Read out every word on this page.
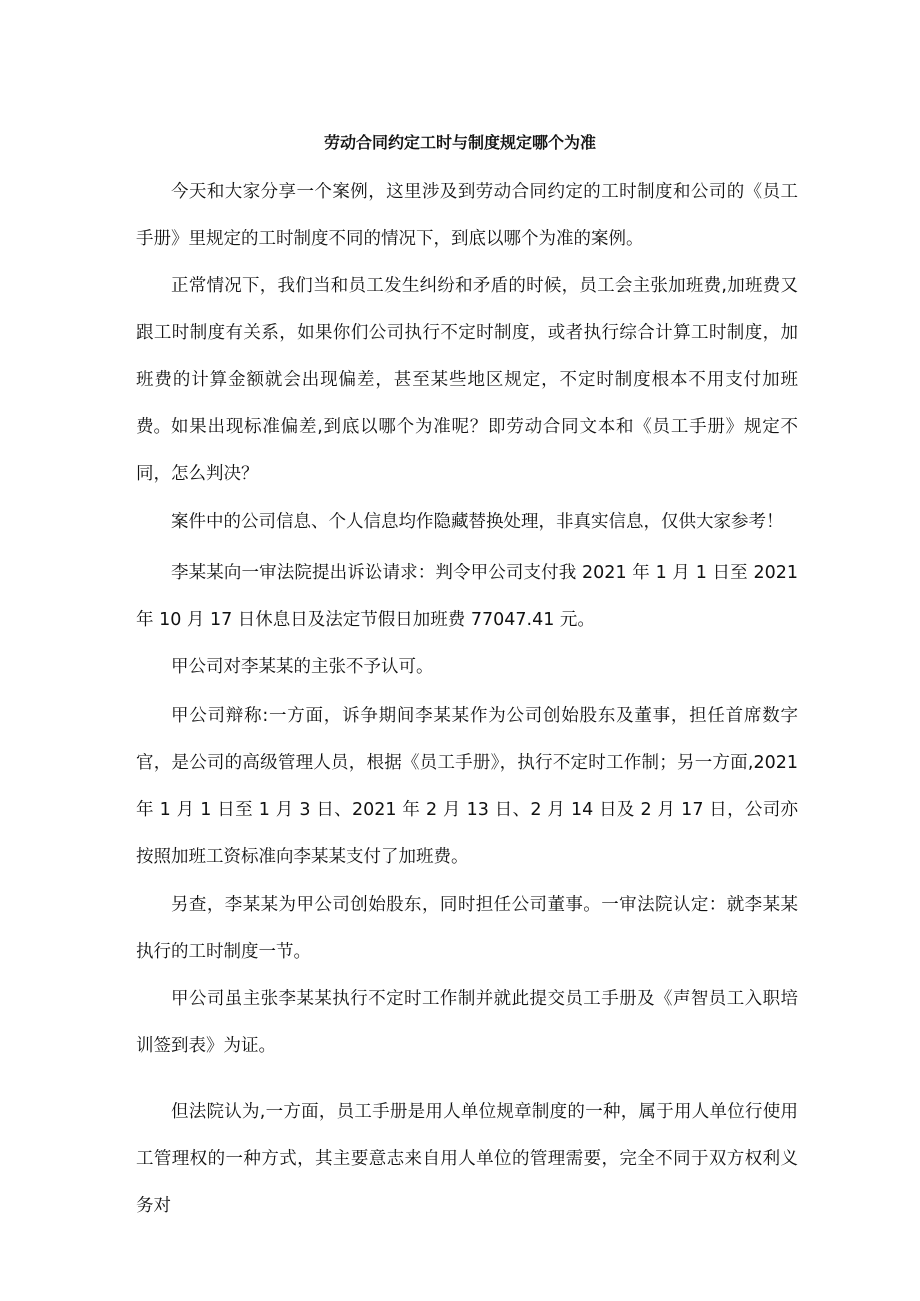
劳动合同约定工时与制度规定哪个为准

今天和大家分享一个案例，这里涉及到劳动合同约定的工时制度和公司的《员工手册》里规定的工时制度不同的情况下，到底以哪个为准的案例。

正常情况下，我们当和员工发生纠纷和矛盾的时候，员工会主张加班费,加班费又跟工时制度有关系，如果你们公司执行不定时制度，或者执行综合计算工时制度，加班费的计算金额就会出现偏差，甚至某些地区规定，不定时制度根本不用支付加班费。 如果出现标准偏差,到底以哪个为准呢？即劳动合同文本和《员工手册》规定不同，怎么判决？

案件中的公司信息、个人信息均作隐藏替换处理，非真实信息，仅供大家参考！

李某某向一审法院提出诉讼请求：判令甲公司支付我 2021 年 1 月 1 日至 2021 年 10 月 17 日休息日及法定节假日加班费 77047.41 元。

甲公司对李某某的主张不予认可。

甲公司辩称:一方面，诉争期间李某某作为公司创始股东及董事，担任首席数字官，是公司的高级管理人员，根据《员工手册》，执行不定时工作制；另一方面,2021 年 1 月 1 日至 1 月 3 日、2021 年 2 月 13 日、2 月 14 日及 2 月 17 日，公司亦按照加班工资标准向李某某支付了加班费。

另查，李某某为甲公司创始股东，同时担任公司董事。一审法院认定：就李某某执行的工时制度一节。

甲公司虽主张李某某执行不定时工作制并就此提交员工手册及《声智员工入职培训签到表》为证。

但法院认为,一方面，员工手册是用人单位规章制度的一种，属于用人单位行使用工管理权的一种方式，其主要意志来自用人单位的管理需要，完全不同于双方权利义务对
